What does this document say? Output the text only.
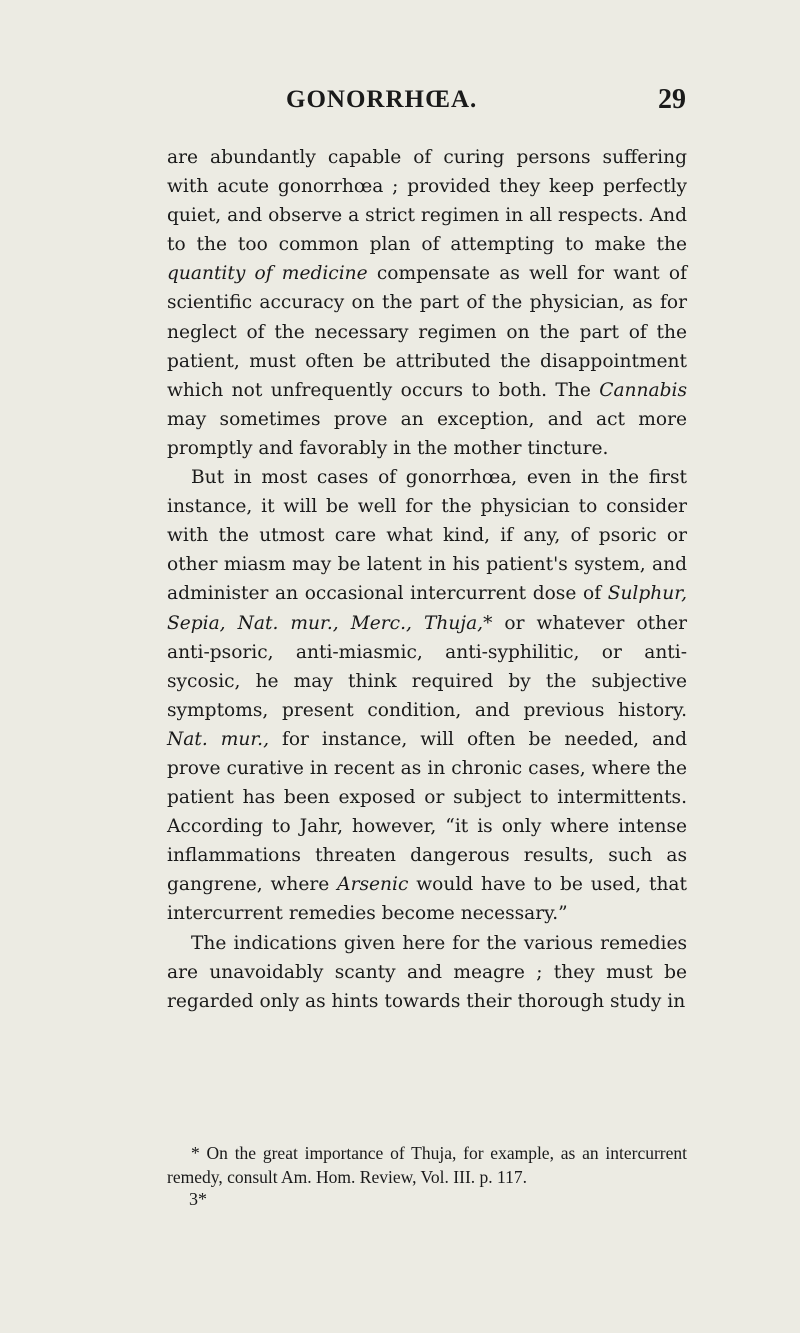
GONORRHŒA.	29

are abundantly capable of curing persons suffering with acute gonorrhœa ; provided they keep perfectly quiet, and observe a strict regimen in all respects. And to the too common plan of attempting to make the quantity of medicine compensate as well for want of scientific accuracy on the part of the physician, as for neglect of the necessary regimen on the part of the patient, must often be attributed the disappointment which not unfrequently occurs to both. The Cannabis may sometimes prove an exception, and act more promptly and favorably in the mother tincture.

But in most cases of gonorrhœa, even in the first instance, it will be well for the physician to consider with the utmost care what kind, if any, of psoric or other miasm may be latent in his patient's system, and administer an occasional intercurrent dose of Sulphur, Sepia, Nat. mur., Merc., Thuja,* or whatever other anti-psoric, anti-miasmic, anti-syphilitic, or anti-sycosic, he may think required by the subjective symptoms, present condition, and previous history. Nat. mur., for instance, will often be needed, and prove curative in recent as in chronic cases, where the patient has been exposed or subject to intermittents. According to Jahr, however, “it is only where intense inflammations threaten dangerous results, such as gangrene, where Arsenic would have to be used, that intercurrent remedies become necessary.”

The indications given here for the various remedies are unavoidably scanty and meagre ; they must be regarded only as hints towards their thorough study in

* On the great importance of Thuja, for example, as an intercurrent remedy, consult Am. Hom. Review, Vol. III. p. 117.

3*
